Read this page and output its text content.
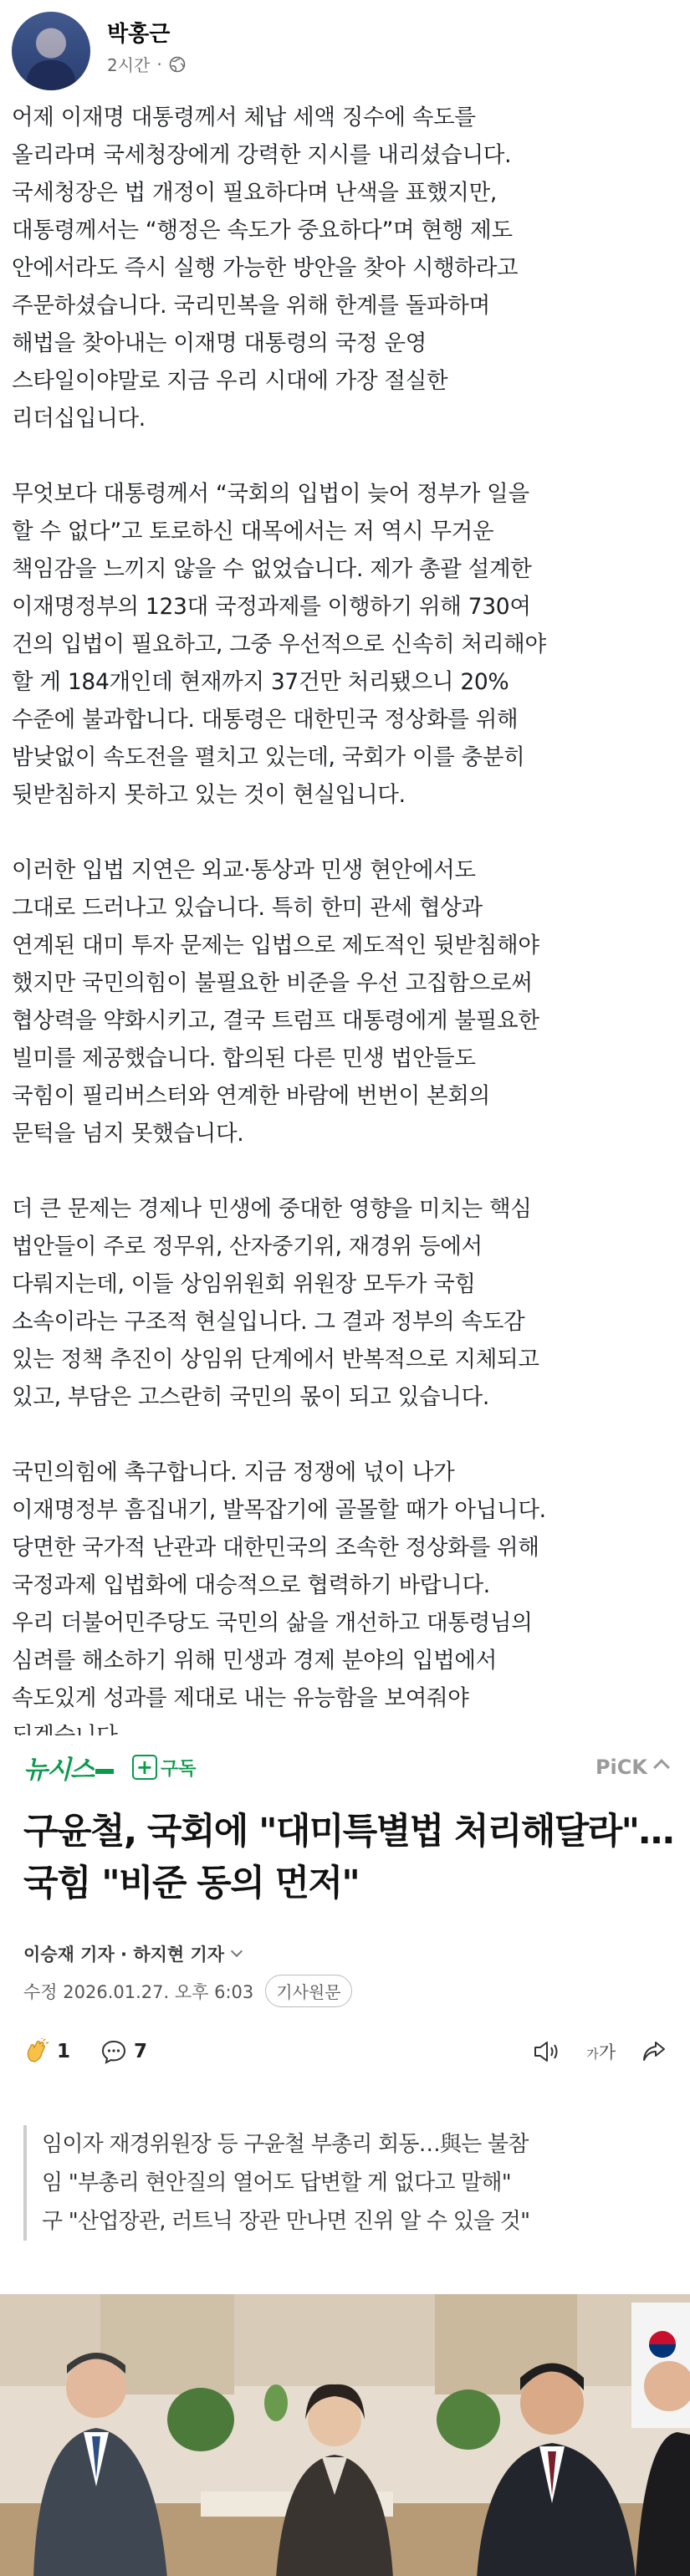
박홍근
2시간 ·

어제 이재명 대통령께서 체납 세액 징수에 속도를
올리라며 국세청장에게 강력한 지시를 내리셨습니다.
국세청장은 법 개정이 필요하다며 난색을 표했지만,
대통령께서는 “행정은 속도가 중요하다”며 현행 제도
안에서라도 즉시 실행 가능한 방안을 찾아 시행하라고
주문하셨습니다. 국리민복을 위해 한계를 돌파하며
해법을 찾아내는 이재명 대통령의 국정 운영
스타일이야말로 지금 우리 시대에 가장 절실한
리더십입니다.

무엇보다 대통령께서 “국회의 입법이 늦어 정부가 일을
할 수 없다”고 토로하신 대목에서는 저 역시 무거운
책임감을 느끼지 않을 수 없었습니다. 제가 총괄 설계한
이재명정부의 123대 국정과제를 이행하기 위해 730여
건의 입법이 필요하고, 그중 우선적으로 신속히 처리해야
할 게 184개인데 현재까지 37건만 처리됐으니 20%
수준에 불과합니다. 대통령은 대한민국 정상화를 위해
밤낮없이 속도전을 펼치고 있는데, 국회가 이를 충분히
뒷받침하지 못하고 있는 것이 현실입니다.

이러한 입법 지연은 외교·통상과 민생 현안에서도
그대로 드러나고 있습니다. 특히 한미 관세 협상과
연계된 대미 투자 문제는 입법으로 제도적인 뒷받침해야
했지만 국민의힘이 불필요한 비준을 우선 고집함으로써
협상력을 약화시키고, 결국 트럼프 대통령에게 불필요한
빌미를 제공했습니다. 합의된 다른 민생 법안들도
국힘이 필리버스터와 연계한 바람에 번번이 본회의
문턱을 넘지 못했습니다.

더 큰 문제는 경제나 민생에 중대한 영향을 미치는 핵심
법안들이 주로 정무위, 산자중기위, 재경위 등에서
다뤄지는데, 이들 상임위원회 위원장 모두가 국힘
소속이라는 구조적 현실입니다. 그 결과 정부의 속도감
있는 정책 추진이 상임위 단계에서 반복적으로 지체되고
있고, 부담은 고스란히 국민의 몫이 되고 있습니다.

국민의힘에 촉구합니다. 지금 정쟁에 넋이 나가
이재명정부 흠집내기, 발목잡기에 골몰할 때가 아닙니다.
당면한 국가적 난관과 대한민국의 조속한 정상화를 위해
국정과제 입법화에 대승적으로 협력하기 바랍니다.
우리 더불어민주당도 국민의 삶을 개선하고 대통령님의
심려를 해소하기 위해 민생과 경제 분야의 입법에서
속도있게 성과를 제대로 내는 유능함을 보여줘야

뉴시스	+ 구독	PiCK
구윤철, 국회에 "대미특별법 처리해달라"…국힘 "비준 동의 먼저"
이승재 기자 · 하지현 기자
수정 2026.01.27. 오후 6:03	기사원문
1	7	가가
임이자 재경위원장 등 구윤철 부총리 회동…與는 불참
임 "부총리 현안질의 열어도 답변할 게 없다고 말해"
구 "산업장관, 러트닉 장관 만나면 진위 알 수 있을 것"
